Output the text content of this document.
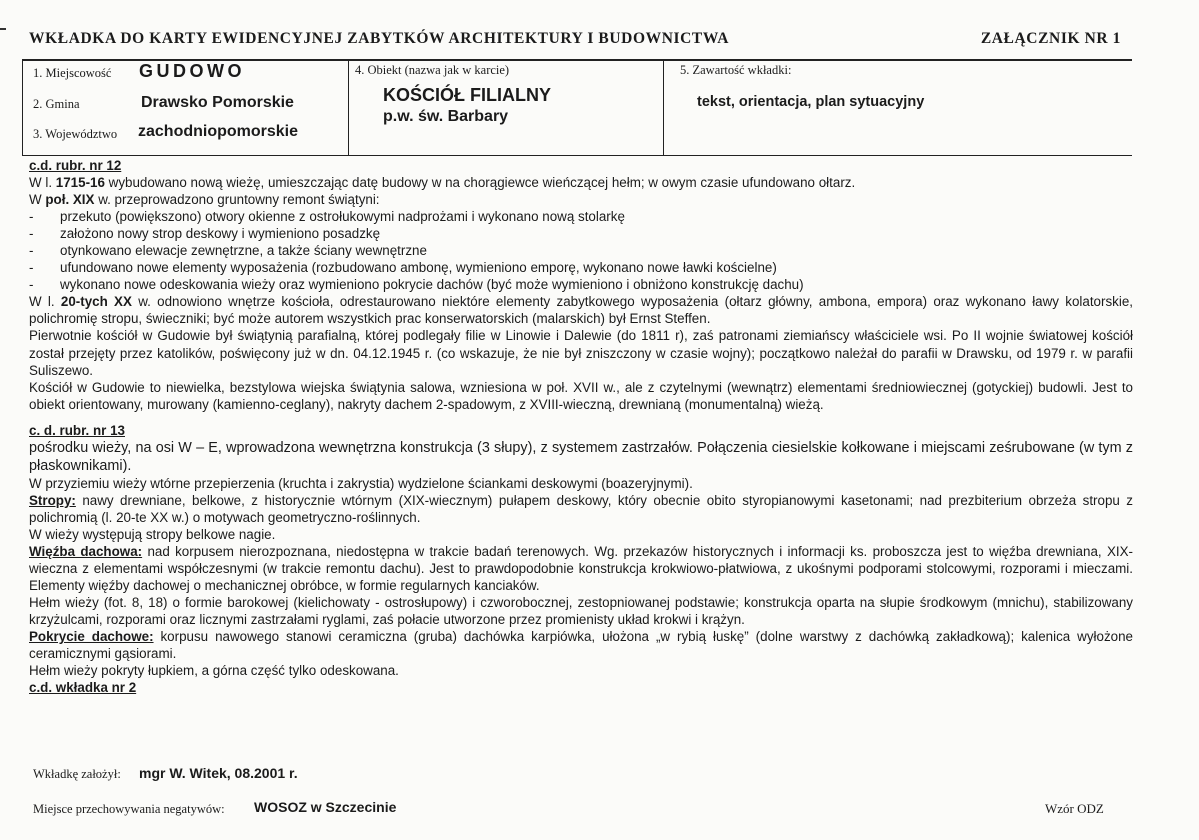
WKŁADKA DO KARTY EWIDENCYJNEJ ZABYTKÓW ARCHITEKTURY I BUDOWNICTWA	ZAŁĄCZNIK NR 1
1. Miejscowość GUDOWO
2. Gmina	Drawsko Pomorskie
3. Województwo zachodniopomorskie
4. Obiekt (nazwa jak w karcie)
KOŚCIÓŁ FILIALNY
p.w. św. Barbary
5. Zawartość wkładki:
tekst, orientacja, plan sytuacyjny
c.d. rubr. nr 12

W l. 1715-16 wybudowano nową wieżę, umieszczając datę budowy w na chorągiewce wieńczącej hełm; w owym czasie ufundowano ołtarz.

W poł. XIX w. przeprowadzono gruntowny remont świątyni:

-	przekuto (powiększono) otwory okienne z ostrołukowymi nadprożami i wykonano nową stolarkę
-	założono nowy strop deskowy i wymieniono posadzkę
-	otynkowano elewacje zewnętrzne, a także ściany wewnętrzne
-	ufundowano nowe elementy wyposażenia (rozbudowano ambonę, wymieniono emporę, wykonano nowe ławki kościelne)
-	wykonano nowe odeskowania wieży oraz wymieniono pokrycie dachów (być może wymieniono i obniżono konstrukcję dachu)

W l. 20-tych XX w. odnowiono wnętrze kościoła, odrestaurowano niektóre elementy zabytkowego wyposażenia (ołtarz główny, ambona, empora) oraz wykonano ławy kolatorskie, polichromię stropu, świeczniki; być może autorem wszystkich prac konserwatorskich (malarskich) był Ernst Steffen.

Pierwotnie kościół w Gudowie był świątynią parafialną, której podlegały filie w Linowie i Dalewie (do 1811 r), zaś patronami ziemiańscy właściciele wsi. Po II wojnie światowej kościół został przejęty przez katolików, poświęcony już w dn. 04.12.1945 r. (co wskazuje, że nie był zniszczony w czasie wojny); początkowo należał do parafii w Drawsku, od 1979 r. w parafii Suliszewo.

Kościół w Gudowie to niewielka, bezstylowa wiejska świątynia salowa, wzniesiona w poł. XVII w., ale z czytelnymi (wewnątrz) elementami średniowiecznej (gotyckiej) budowli. Jest to obiekt orientowany, murowany (kamienno-ceglany), nakryty dachem 2-spadowym, z XVIII-wieczną, drewnianą (monumentalną) wieżą.

c. d. rubr. nr 13

pośrodku wieży, na osi W – E, wprowadzona wewnętrzna konstrukcja (3 słupy), z systemem zastrzałów. Połączenia ciesielskie kołkowane i miejscami ześrubowane (w tym z płaskownikami).

W przyziemiu wieży wtórne przepierzenia (kruchta i zakrystia) wydzielone ściankami deskowymi (boazeryjnymi).

Stropy: nawy drewniane, belkowe, z historycznie wtórnym (XIX-wiecznym) pułapem deskowy, który obecnie obito styropianowymi kasetonami; nad prezbiterium obrzeża stropu z polichromią (l. 20-te XX w.) o motywach geometryczno-roślinnych.

W wieży występują stropy belkowe nagie.

Więźba dachowa: nad korpusem nierozpoznana, niedostępna w trakcie badań terenowych. Wg. przekazów historycznych i informacji ks. proboszcza jest to więźba drewniana, XIX-wieczna z elementami współczesnymi (w trakcie remontu dachu). Jest to prawdopodobnie konstrukcja krokwiowo-płatwiowa, z ukośnymi podporami stolcowymi, rozporami i mieczami. Elementy więźby dachowej o mechanicznej obróbce, w formie regularnych kanciaków.

Hełm wieży (fot. 8, 18) o formie barokowej (kielichowaty - ostrosłupowy) i czworobocznej, zestopniowanej podstawie; konstrukcja oparta na słupie środkowym (mnichu), stabilizowany krzyżulcami, rozporami oraz licznymi zastrzałami ryglami, zaś połacie utworzone przez promienisty układ krokwi i krążyn.

Pokrycie dachowe: korpusu nawowego stanowi ceramiczna (gruba) dachówka karpiówka, ułożona „w rybią łuskę” (dolne warstwy z dachówką zakładkową); kalenica wyłożone ceramicznymi gąsiorami.

Hełm wieży pokryty łupkiem, a górna część tylko odeskowana.

c.d. wkładka nr 2
Wkładkę założył: mgr W. Witek, 08.2001 r.
Miejsce przechowywania negatywów: WOSOZ w Szczecinie	Wzór ODZ
